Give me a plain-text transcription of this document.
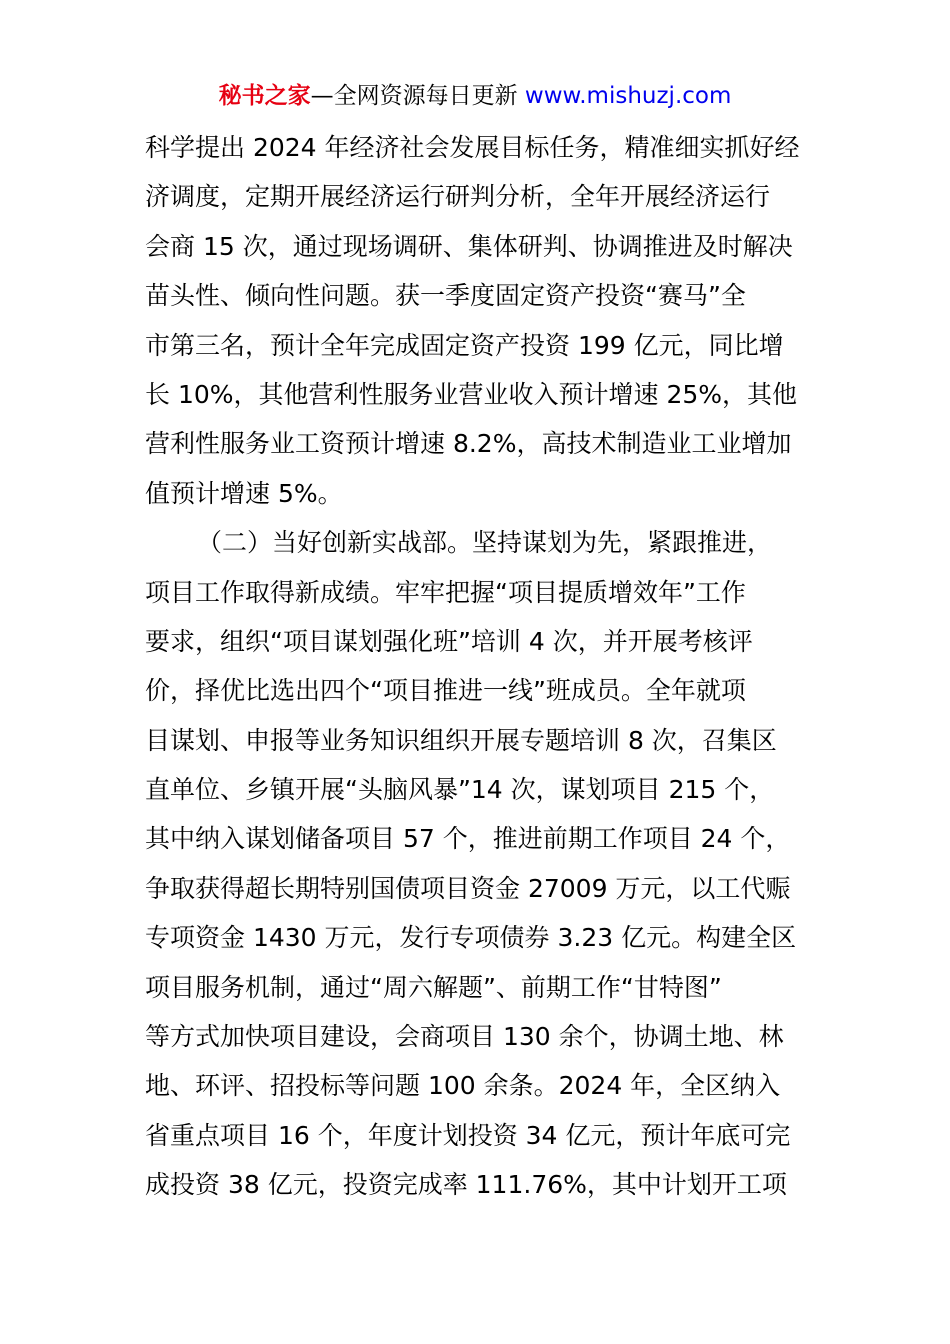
秘书之家—全网资源每日更新 www.mishuzj.com
科学提出 2024 年经济社会发展目标任务，精准细实抓好经
济调度，定期开展经济运行研判分析，全年开展经济运行
会商 15 次，通过现场调研、集体研判、协调推进及时解决
苗头性、倾向性问题。获一季度固定资产投资“赛马”全
市第三名，预计全年完成固定资产投资 199 亿元，同比增
长 10%，其他营利性服务业营业收入预计增速 25%，其他
营利性服务业工资预计增速 8.2%，高技术制造业工业增加
值预计增速 5%。
（二）当好创新实战部。坚持谋划为先，紧跟推进，
项目工作取得新成绩。牢牢把握“项目提质增效年”工作
要求，组织“项目谋划强化班”培训 4 次，并开展考核评
价，择优比选出四个“项目推进一线”班成员。全年就项
目谋划、申报等业务知识组织开展专题培训 8 次，召集区
直单位、乡镇开展“头脑风暴”14 次，谋划项目 215 个，
其中纳入谋划储备项目 57 个，推进前期工作项目 24 个，
争取获得超长期特别国债项目资金 27009 万元，以工代赈
专项资金 1430 万元，发行专项债券 3.23 亿元。构建全区
项目服务机制，通过“周六解题”、前期工作“甘特图”
等方式加快项目建设，会商项目 130 余个，协调土地、林
地、环评、招投标等问题 100 余条。2024 年，全区纳入
省重点项目 16 个，年度计划投资 34 亿元，预计年底可完
成投资 38 亿元，投资完成率 111.76%，其中计划开工项
